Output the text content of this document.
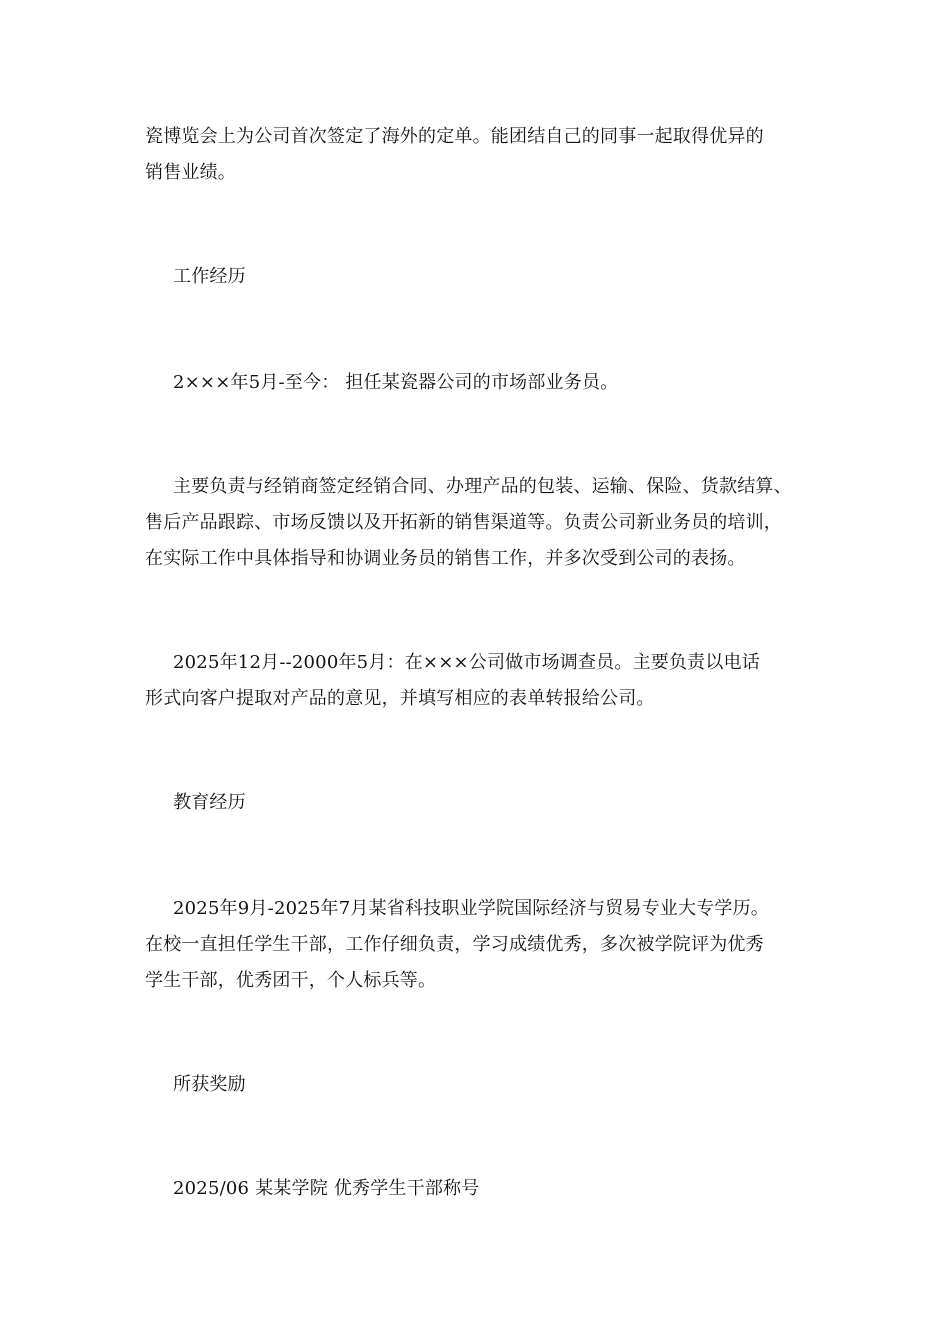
瓷博览会上为公司首次签定了海外的定单。能团结自己的同事一起取得优异的
销售业绩。
工作经历
2×××年5月-至今： 担任某瓷器公司的市场部业务员。
主要负责与经销商签定经销合同、办理产品的包装、运输、保险、货款结算、
售后产品跟踪、市场反馈以及开拓新的销售渠道等。负责公司新业务员的培训，
在实际工作中具体指导和协调业务员的销售工作，并多次受到公司的表扬。
2025年12月--2000年5月：在×××公司做市场调查员。主要负责以电话
形式向客户提取对产品的意见，并填写相应的表单转报给公司。
教育经历
2025年9月-2025年7月某省科技职业学院国际经济与贸易专业大专学历。
在校一直担任学生干部，工作仔细负责，学习成绩优秀，多次被学院评为优秀
学生干部，优秀团干，个人标兵等。
所获奖励
2025/06 某某学院 优秀学生干部称号
